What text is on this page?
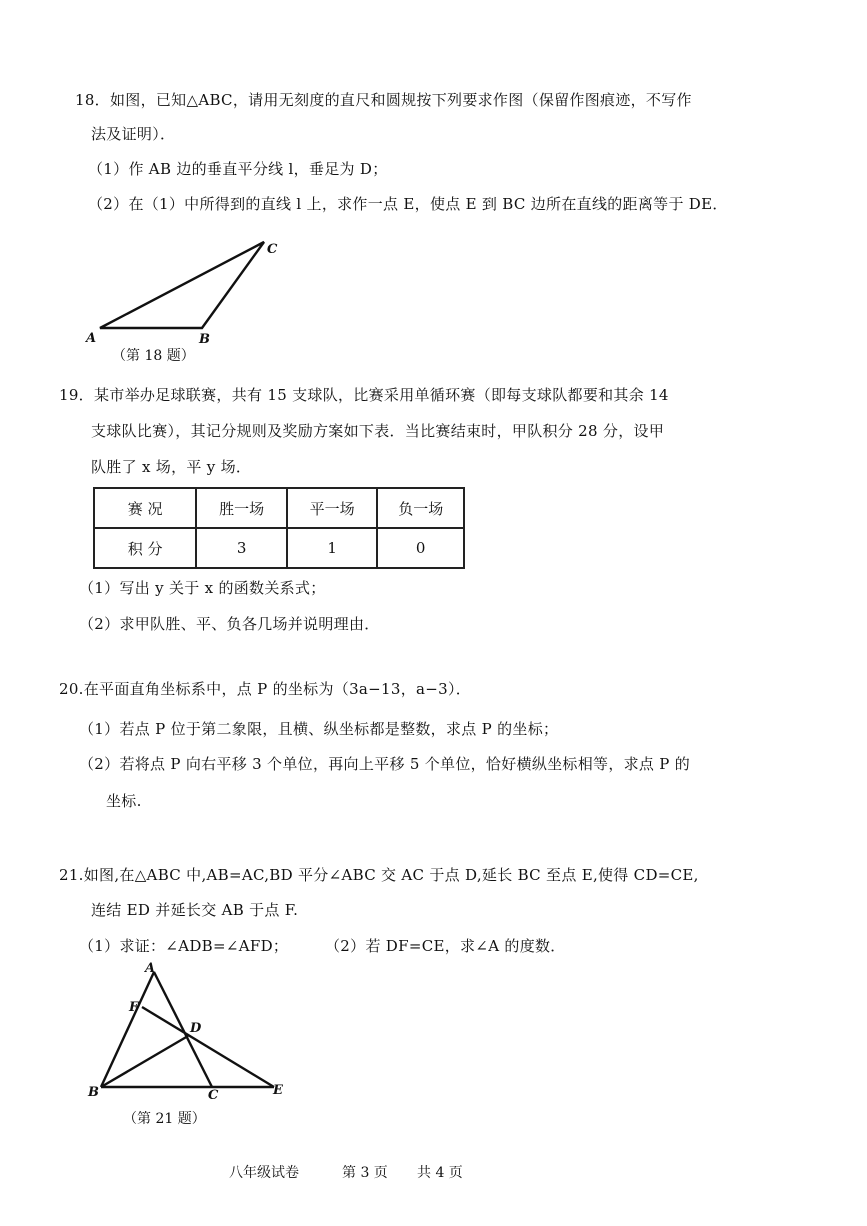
18．如图，已知△ABC，请用无刻度的直尺和圆规按下列要求作图（保留作图痕迹，不写作
法及证明）．
（1）作 AB 边的垂直平分线 l，垂足为 D；
（2）在（1）中所得到的直线 l 上，求作一点 E，使点 E 到 BC 边所在直线的距离等于 DE．
A	B
C
（第 18 题）
19．某市举办足球联赛，共有 15 支球队，比赛采用单循环赛（即每支球队都要和其余 14
支球队比赛），其记分规则及奖励方案如下表．当比赛结束时，甲队积分 28 分，设甲
队胜了 x 场，平 y 场．
赛 况	胜一场	平一场	负一场
积 分	3	1	0
（1）写出 y 关于 x 的函数关系式；
（2）求甲队胜、平、负各几场并说明理由．
20.在平面直角坐标系中，点 P 的坐标为（3a−13，a−3）．
（1）若点 P 位于第二象限，且横、纵坐标都是整数，求点 P 的坐标；
（2）若将点 P 向右平移 3 个单位，再向上平移 5 个单位，恰好横纵坐标相等，求点 P 的
坐标.
21.如图,在△ABC 中,AB=AC,BD 平分∠ABC 交 AC 于点 D,延长 BC 至点 E,使得 CD=CE,
连结 ED 并延长交 AB 于点 F.
（1）求证：∠ADB=∠AFD； （2）若 DF=CE，求∠A 的度数．
A
B	C
D
E
F
（第 21 题）
八年级试卷	第 3 页 共 4 页
